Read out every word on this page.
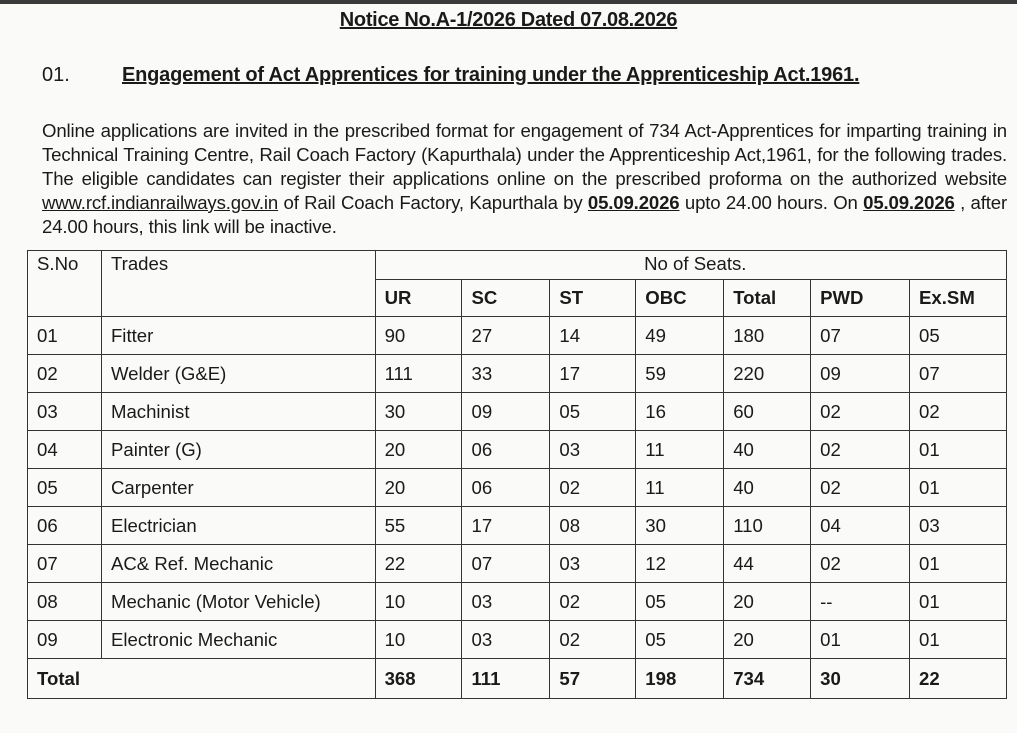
Notice No.A-1/2026 Dated 07.08.2026
01.	Engagement of Act Apprentices for training under the Apprenticeship Act.1961.
Online applications are invited in the prescribed format for engagement of 734 Act-Apprentices for imparting training in Technical Training Centre, Rail Coach Factory (Kapurthala) under the Apprenticeship Act,1961, for the following trades. The eligible candidates can register their applications online on the prescribed proforma on the authorized website www.rcf.indianrailways.gov.in of Rail Coach Factory, Kapurthala by 05.09.2026 upto 24.00 hours. On 05.09.2026 , after 24.00 hours, this link will be inactive.
S.No	Trades	No of Seats.						
		UR	SC	ST	OBC	Total	PWD	Ex.SM
01	Fitter	90	27	14	49	180	07	05
02	Welder (G&E)	111	33	17	59	220	09	07
03	Machinist	30	09	05	16	60	02	02
04	Painter (G)	20	06	03	11	40	02	01
05	Carpenter	20	06	02	11	40	02	01
06	Electrician	55	17	08	30	110	04	03
07	AC& Ref. Mechanic	22	07	03	12	44	02	01
08	Mechanic (Motor Vehicle)	10	03	02	05	20	--	01
09	Electronic Mechanic	10	03	02	05	20	01	01
Total		368	111	57	198	734	30	22
